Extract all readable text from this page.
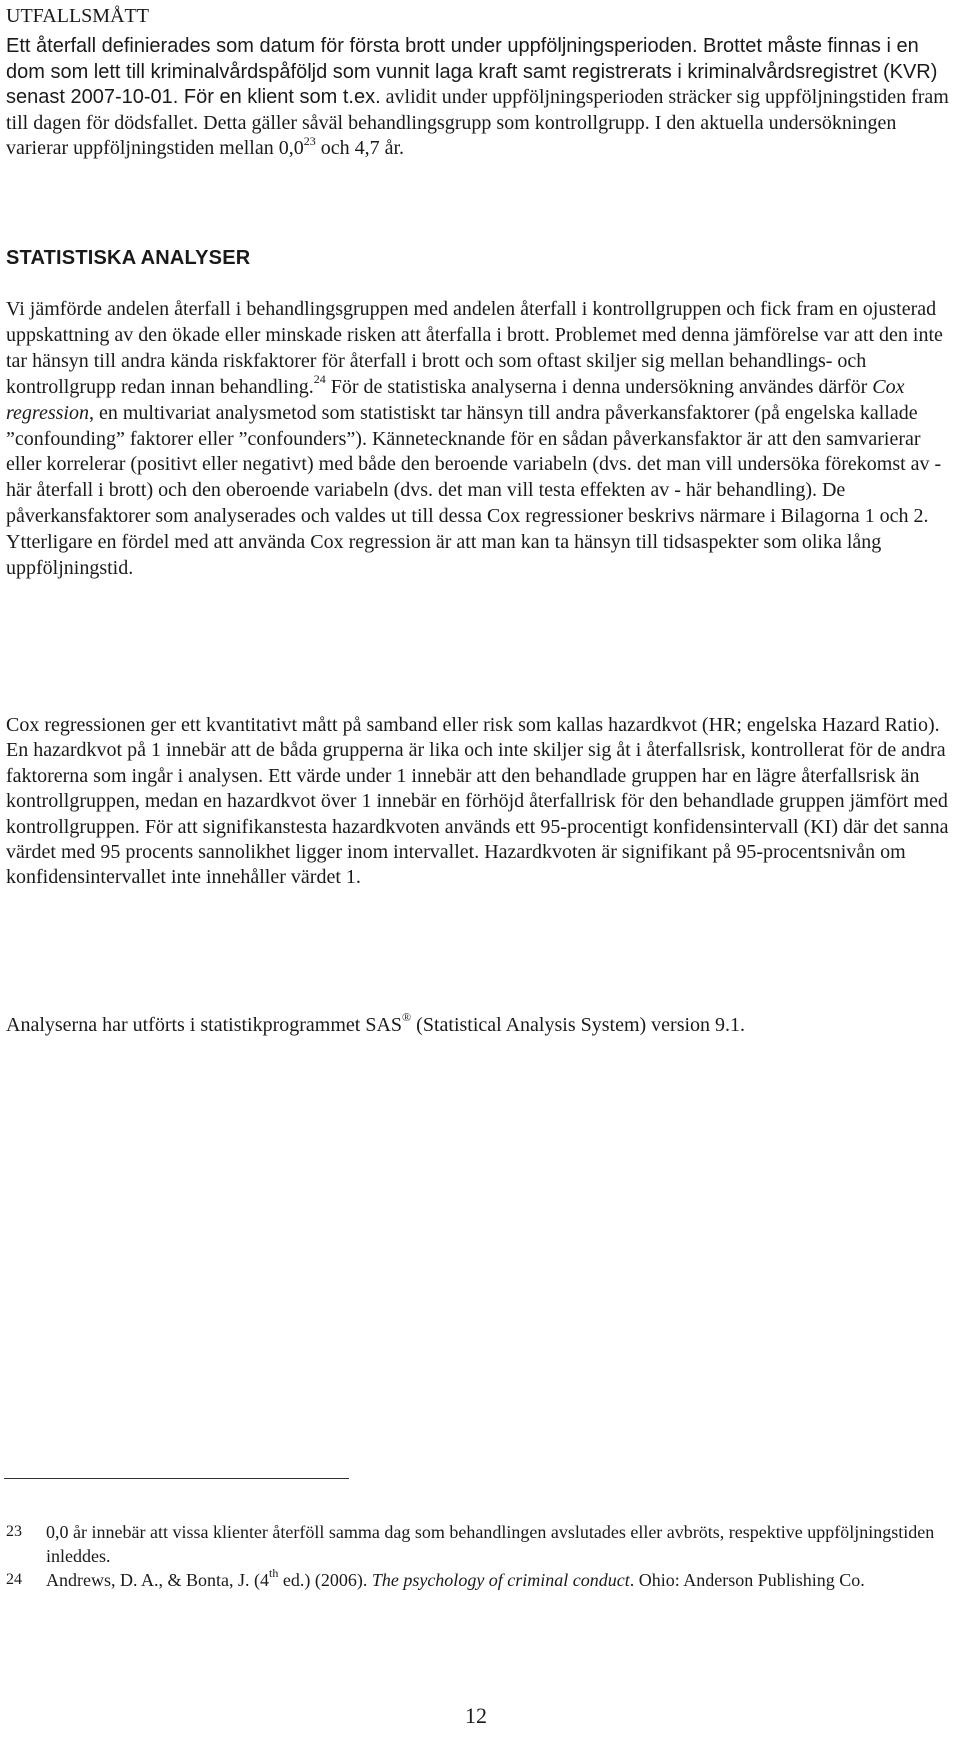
UTFALLSMÅTT
Ett återfall definierades som datum för första brott under uppföljningsperioden. Brottet måste finnas i en dom som lett till kriminalvårdspåföljd som vunnit laga kraft samt registrerats i kriminalvårdsregistret (KVR) senast 2007-10-01. För en klient som t.ex. avlidit under uppföljningsperioden sträcker sig uppföljningstiden fram till dagen för dödsfallet. Detta gäller såväl behandlingsgrupp som kontrollgrupp. I den aktuella undersökningen varierar uppföljningstiden mellan $0,0^{23}$ och 4,7 år.
STATISTISKA ANALYSER
Vi jämförde andelen återfall i behandlingsgruppen med andelen återfall i kontrollgruppen och fick fram en ojusterad uppskattning av den ökade eller minskade risken att återfalla i brott. Problemet med denna jämförelse var att den inte tar hänsyn till andra kända riskfaktorer för återfall i brott och som oftast skiljer sig mellan behandlings- och kontrollgrupp redan innan behandling.$^{24}$ För de statistiska analyserna i denna undersökning användes därför Cox regression, en multivariat analysmetod som statistiskt tar hänsyn till andra påverkansfaktorer (på engelska kallade ”confounding” faktorer eller ”confounders”). Kännetecknande för en sådan påverkansfaktor är att den samvarierar eller korrelerar (positivt eller negativt) med både den beroende variabeln (dvs. det man vill undersöka förekomst av - här återfall i brott) och den oberoende variabeln (dvs. det man vill testa effekten av - här behandling). De påverkansfaktorer som analyserades och valdes ut till dessa Cox regressioner beskrivs närmare i Bilagorna 1 och 2. Ytterligare en fördel med att använda Cox regression är att man kan ta hänsyn till tidsaspekter som olika lång uppföljningstid.
Cox regressionen ger ett kvantitativt mått på samband eller risk som kallas hazardkvot (HR; engelska Hazard Ratio). En hazardkvot på 1 innebär att de båda grupperna är lika och inte skiljer sig åt i återfallsrisk, kontrollerat för de andra faktorerna som ingår i analysen. Ett värde under 1 innebär att den behandlade gruppen har en lägre återfallsrisk än kontrollgruppen, medan en hazardkvot över 1 innebär en förhöjd återfallrisk för den behandlade gruppen jämfört med kontrollgruppen. För att signifikanstesta hazardkvoten används ett 95-procentigt konfidensintervall (KI) där det sanna värdet med 95 procents sannolikhet ligger inom intervallet. Hazardkvoten är signifikant på 95-procentsnivån om konfidensintervallet inte innehåller värdet 1.
Analyserna har utförts i statistikprogrammet SAS® (Statistical Analysis System) version 9.1.
23	0,0 år innebär att vissa klienter återföll samma dag som behandlingen avslutades eller avbröts, respektive uppföljningstiden inleddes.
24	Andrews, D. A., & Bonta, J. (4th ed.) (2006). The psychology of criminal conduct. Ohio: Anderson Publishing Co.
12
